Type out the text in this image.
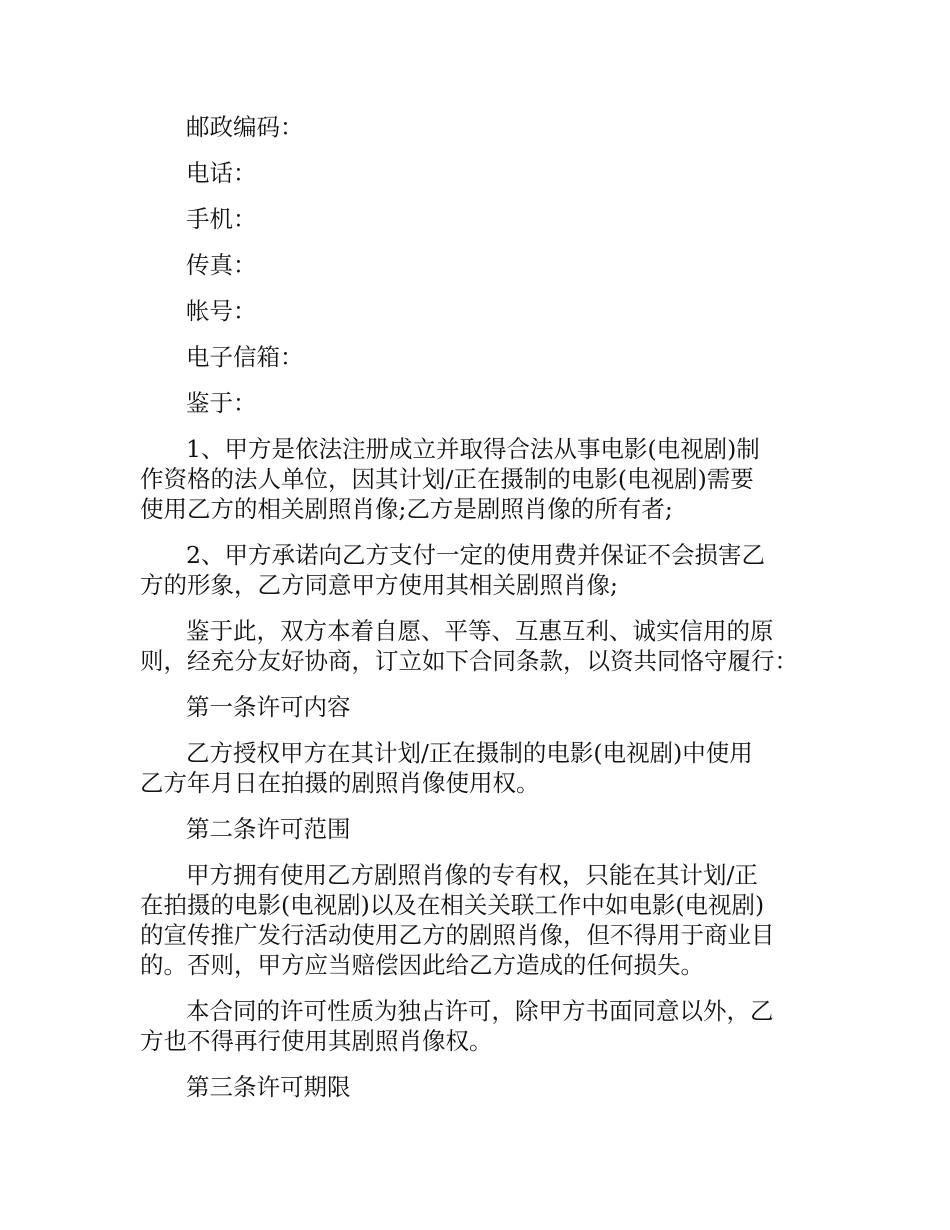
邮政编码：

电话：

手机：

传真：

帐号：

电子信箱：

鉴于：

1、甲方是依法注册成立并取得合法从事电影(电视剧)制
作资格的法人单位，因其计划/正在摄制的电影(电视剧)需要
使用乙方的相关剧照肖像;乙方是剧照肖像的所有者;

2、甲方承诺向乙方支付一定的使用费并保证不会损害乙
方的形象，乙方同意甲方使用其相关剧照肖像;

鉴于此，双方本着自愿、平等、互惠互利、诚实信用的原
则，经充分友好协商，订立如下合同条款，以资共同恪守履行：

第一条许可内容

乙方授权甲方在其计划/正在摄制的电影(电视剧)中使用
乙方年月日在拍摄的剧照肖像使用权。

第二条许可范围

甲方拥有使用乙方剧照肖像的专有权，只能在其计划/正
在拍摄的电影(电视剧)以及在相关关联工作中如电影(电视剧)
的宣传推广发行活动使用乙方的剧照肖像，但不得用于商业目
的。否则，甲方应当赔偿因此给乙方造成的任何损失。

本合同的许可性质为独占许可，除甲方书面同意以外，乙
方也不得再行使用其剧照肖像权。

第三条许可期限
